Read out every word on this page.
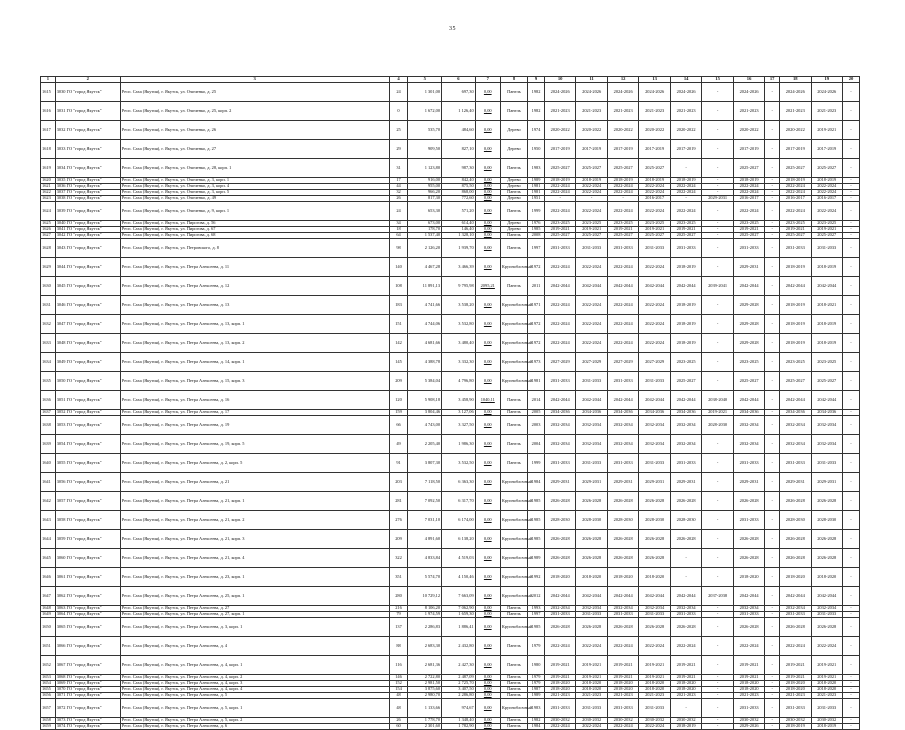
35
1	2	3	4	5	6	7	8	9	10	11	12	13	14	15	16	17	18	19	20
1615	3030 ГО "город Якутск"	Респ. Саха (Якутия), г. Якутск, ул. Очиченко, д. 25	24	1 301,00	697,30	0,00	Панель	1982	2024-2026	2024-2026	2024-2026	2024-2026	2024-2026	-	2024-2026	-	2024-2026	2024-2026	-
1616	3031 ГО "город Якутск"	Респ. Саха (Якутия), г. Якутск, ул. Очиченко, д. 25, корп. 2	0	1 672,00	1 126,40	0,00	Панель	1982	2021-2023	2021-2023	2021-2023	2021-2023	2021-2023	-	2021-2023	-	2021-2023	2021-2023	-
1617	3032 ГО "город Якутск"	Респ. Саха (Якутия), г. Якутск, ул. Очиченко, д. 26	25	535,70	484,60	0,00	Дерево	1974	2020-2022	2020-2022	2020-2022	2020-2022	2020-2022	-	2020-2022	-	2020-2022	2019-2021	-
1618	3033 ГО "город Якутск"	Респ. Саха (Якутия), г. Якутск, ул. Очиченко, д. 27	29	909,50	827,10	0,00	Дерево	1950	2017-2019	2017-2019	2017-2019	2017-2019	2017-2019	-	2017-2019	-	2017-2019	2017-2019	-
1619	3034 ГО "город Якутск"	Респ. Саха (Якутия), г. Якутск, ул. Очиченко, д. 28, корп. 1	31	1 123,80	987,30	0,00	Панель	1983	2025-2027	2025-2027	2025-2027	2025-2027	-	-	2025-2027	-	2025-2027	2025-2027	-
1620	3035 ГО "город Якутск"	Респ. Саха (Якутия), г. Якутск, ул. Очиченко, д. 3, корп. 1	17	916,00	842,40	0,00	Дерево	1989	2018-2019	2018-2019	2018-2019	2018-2019	2018-2019	-	2018-2019	-	2018-2019	2018-2019	-
1621	3036 ГО "город Якутск"	Респ. Саха (Якутия), г. Якутск, ул. Очиченко, д. 3, корп. 4	44	955,00	875,50	0,00	Дерево	1981	2022-2024	2022-2024	2022-2024	2022-2024	2022-2024	-	2022-2024	-	2022-2024	2022-2024	-
1622	3037 ГО "город Якутск"	Респ. Саха (Якутия), г. Якутск, ул. Очиченко, д. 3, корп. 5	32	966,20	868,00	0,00	Панель	1981	2022-2024	2022-2024	2022-2024	2022-2024	2022-2024	-	2022-2024	-	2022-2024	2022-2024	-
1623	3038 ГО "город Якутск"	Респ. Саха (Якутия), г. Якутск, ул. Очиченко, д. 49	26	817,30	772,60	0,00	Дерево	1951	-	-	-	2016-2017	-	2029-2031	2016-2017	-	2016-2017	2016-2017	-
1624	3039 ГО "город Якутск"	Респ. Саха (Якутия), г. Якутск, ул. Очиченко, д. 9, корп. 1	24	653,30	571,20	0,00	Панель	1999	2022-2024	2022-2024	2022-2024	2022-2024	2022-2024	-	2022-2024	-	2022-2024	2022-2024	-
1625	3040 ГО "город Якутск"	Респ. Саха (Якутия), г. Якутск, ул. Пирогова, д. 56	34	673,00	614,40	0,00	Дерево	1976	2023-2025	2023-2025	2023-2025	2023-2025	2023-2025	-	2023-2025	-	2023-2025	2023-2025	-
1626	3041 ГО "город Якутск"	Респ. Саха (Якутия), г. Якутск, ул. Пирогова, д. 67	18	178,70	146,40	0,00	Дерево	1985	2019-2021	2019-2021	2019-2021	2019-2021	2019-2021	-	2019-2021	-	2019-2021	2019-2021	-
1627	3042 ГО "город Якутск"	Респ. Саха (Якутия), г. Якутск, ул. Пирогова, д. 68	64	1 537,40	1 328,10	0,00	Панель	2008	2025-2027	2025-2027	2025-2027	2025-2027	2025-2027	-	2025-2027	-	2025-2027	2025-2027	-
1628	3043 ГО "город Якутск"	Респ. Саха (Якутия), г. Якутск, ул. Петровского, д. 8	98	2 126,20	1 939,70	0,00	Панель	1997	2031-2033	2031-2033	2031-2033	2031-2033	2031-2033	-	2031-2033	-	2031-2033	2031-2033	-
1629	3044 ГО "город Якутск"	Респ. Саха (Якутия), г. Якутск, ул. Петра Алексеева, д. 11	140	4 467,28	3 466,39	0,00	Крупноблочный	1972	2022-2024	2022-2024	2022-2024	2022-2024	2018-2019	-	2029-2031	-	2018-2019	2018-2019	-
1630	3045 ГО "город Якутск"	Респ. Саха (Якутия), г. Якутск, ул. Петра Алексеева, д. 12	108	11 891,13	9 795,98	2095,21	Панель	2011	2042-2044	2042-2044	2042-2044	2042-2044	2042-2044	2039-2041	2042-2044	-	2042-2044	2042-2044	-
1631	3046 ГО "город Якутск"	Респ. Саха (Якутия), г. Якутск, ул. Петра Алексеева, д. 13	183	4 741,66	3 538,20	0,00	Крупноблочный	1971	2022-2024	2022-2024	2022-2024	2022-2024	2018-2019	-	2029-2028	-	2018-2019	2018-2021	-
1632	3047 ГО "город Якутск"	Респ. Саха (Якутия), г. Якутск, ул. Петра Алексеева, д. 13, корп. 1	151	4 744,06	3 532,80	0,00	Крупноблочный	1972	2022-2024	2022-2024	2022-2024	2022-2024	2018-2019	-	2029-2028	-	2018-2019	2018-2019	-
1633	3048 ГО "город Якутск"	Респ. Саха (Якутия), г. Якутск, ул. Петра Алексеева, д. 13, корп. 2	142	4 681,66	3 480,40	0,00	Крупноблочный	1972	2022-2024	2022-2024	2022-2024	2022-2024	2018-2019	-	2029-2028	-	2018-2019	2018-2019	-
1634	3049 ГО "город Якутск"	Респ. Саха (Якутия), г. Якутск, ул. Петра Алексеева, д. 14, корп. 1	145	4 388,78	3 332,30	0,00	Крупноблочный	1973	2027-2029	2027-2029	2027-2029	2027-2029	2023-2025	-	2023-2025	-	2023-2025	2023-2025	-
1635	3050 ГО "город Якутск"	Респ. Саха (Якутия), г. Якутск, ул. Петра Алексеева, д. 15, корп. 3	209	5 384,04	4 796,80	0,00	Крупноблочный	1981	2031-2033	2031-2033	2031-2033	2031-2033	2025-2027	-	2025-2027	-	2025-2027	2025-2027	-
1636	3051 ГО "город Якутск"	Респ. Саха (Якутия), г. Якутск, ул. Петра Алексеева, д. 16	120	5 908,18	3 458,90	1040,11	Панель	2014	2042-2044	2042-2044	2042-2044	2042-2044	2042-2044	2038-2040	2042-2044	-	2042-2044	2042-2044	-
1637	3052 ГО "город Якутск"	Респ. Саха (Якутия), г. Якутск, ул. Петра Алексеева, д. 17	159	3 804,46	3 127,06	0,00	Панель	2005	2034-2036	2034-2036	2034-2036	2034-2036	2034-2036	2019-2021	2034-2036	-	2034-2036	2034-2036	-
1638	3053 ГО "город Якутск"	Респ. Саха (Якутия), г. Якутск, ул. Петра Алексеева, д. 19	66	4 743,00	3 327,50	0,00	Панель	2003	2032-2034	2032-2034	2032-2034	2032-2034	2032-2034	2028-2030	2032-2034	-	2032-2034	2032-2034	-
1639	3054 ГО "город Якутск"	Респ. Саха (Якутия), г. Якутск, ул. Петра Алексеева, д. 19, корп. 5	49	2 205,40	1 986,30	0,00	Панель	2004	2032-2034	2032-2034	2032-2034	2032-2034	2032-2034	-	2032-2034	-	2032-2034	2032-2034	-
1640	3055 ГО "город Якутск"	Респ. Саха (Якутия), г. Якутск, ул. Петра Алексеева, д. 2, корп. 5	91	3 807,30	3 532,50	0,00	Панель	1999	2031-2033	2031-2033	2031-2033	2031-2033	2031-2033	-	2031-2033	-	2031-2033	2031-2033	-
1641	3056 ГО "город Якутск"	Респ. Саха (Якутия), г. Якутск, ул. Петра Алексеева, д. 21	203	7 118,50	6 363,30	0,00	Крупноблочный	1984	2029-2031	2029-2031	2029-2031	2029-2031	2029-2031	-	2029-2031	-	2029-2031	2029-2031	-
1642	3057 ГО "город Якутск"	Респ. Саха (Якутия), г. Якутск, ул. Петра Алексеева, д. 21, корп. 1	281	7 092,50	6 317,70	0,00	Крупноблочный	1985	2026-2028	2026-2028	2026-2028	2026-2028	2026-2028	-	2026-2028	-	2026-2028	2026-2028	-
1643	3058 ГО "город Якутск"	Респ. Саха (Якутия), г. Якутск, ул. Петра Алексеева, д. 21, корп. 2	276	7 031,10	6 174,00	0,00	Крупноблочный	1985	2028-2030	2028-2030	2028-2030	2028-2030	2028-2030	-	2031-2033	-	2028-2030	2028-2030	-
1644	3059 ГО "город Якутск"	Респ. Саха (Якутия), г. Якутск, ул. Петра Алексеева, д. 21, корп. 3	209	4 891,60	6 138,20	0,00	Крупноблочный	1985	2026-2028	2026-2028	2026-2028	2026-2028	2026-2028	-	2026-2028	-	2026-2028	2026-2028	-
1645	3060 ГО "город Якутск"	Респ. Саха (Якутия), г. Якутск, ул. Петра Алексеева, д. 21, корп. 4	322	4 833,84	4 519,03	0,00	Крупноблочный	1989	2026-2028	2026-2028	2026-2028	2026-2028	-	-	2026-2028	-	2026-2028	2026-2028	-
1646	3061 ГО "город Якутск"	Респ. Саха (Якутия), г. Якутск, ул. Петра Алексеева, д. 23, корп. 1	351	5 574,70	4 150,46	0,00	Крупноблочный	1992	2018-2020	2018-2020	2018-2020	2018-2020	-	-	2018-2020	-	2018-2020	2018-2020	-
1647	3062 ГО "город Якутск"	Респ. Саха (Якутия), г. Якутск, ул. Петра Алексеева, д. 25, корп. 1	280	10 729,12	7 663,09	0,00	Крупноблочный	2012	2042-2044	2042-2044	2042-2044	2042-2044	2042-2044	2037-2038	2042-2044	-	2042-2044	2042-2044	-
1648	3063 ГО "город Якутск"	Респ. Саха (Якутия), г. Якутск, ул. Петра Алексеева, д. 27	216	8 106,20	7 062,90	0,00	Панель	1993	2032-2034	2032-2034	2032-2034	2032-2034	2032-2034	-	2032-2034	-	2032-2034	2032-2034	-
1649	3064 ГО "город Якутск"	Респ. Саха (Якутия), г. Якутск, ул. Петра Алексеева, д. 27, корп. 1	79	1 974,59	1 659,30	0,00	Панель	1997	2031-2033	2031-2033	2031-2033	2031-2033	2031-2033	-	2031-2033	-	2031-2033	2031-2033	-
1650	3065 ГО "город Якутск"	Респ. Саха (Якутия), г. Якутск, ул. Петра Алексеева, д. 3, корп. 1	137	2 286,83	1 886,41	0,00	Крупноблочный	1985	2026-2028	2026-2028	2026-2028	2026-2028	2026-2028	-	2026-2028	-	2026-2028	2026-2028	-
1651	3066 ГО "город Якутск"	Респ. Саха (Якутия), г. Якутск, ул. Петра Алексеева, д. 4	88	2 683,30	2 432,80	0,00	Панель	1979	2022-2024	2022-2024	2022-2024	2022-2024	2022-2024	-	2022-2024	-	2022-2024	2022-2024	-
1652	3067 ГО "город Якутск"	Респ. Саха (Якутия), г. Якутск, ул. Петра Алексеева, д. 4, корп. 1	116	2 681,36	2 427,30	0,00	Панель	1980	2019-2021	2019-2021	2019-2021	2019-2021	2019-2021	-	2019-2021	-	2019-2021	2019-2021	-
1653	3068 ГО "город Якутск"	Респ. Саха (Якутия), г. Якутск, ул. Петра Алексеева, д. 4, корп. 2	146	2 722,80	2 487,09	0,00	Панель	1979	2019-2021	2019-2021	2019-2021	2019-2021	2019-2021	-	2019-2021	-	2019-2021	2019-2021	-
1654	3069 ГО "город Якутск"	Респ. Саха (Якутия), г. Якутск, ул. Петра Алексеева, д. 4, корп. 3	152	2 981,50	2 725,70	0,00	Панель	1979	2018-2020	2018-2020	2018-2020	2018-2020	2018-2020	-	2018-2020	-	2018-2020	2018-2020	-
1655	3070 ГО "город Якутск"	Респ. Саха (Якутия), г. Якутск, ул. Петра Алексеева, д. 4, корп. 4	154	3 875,60	3 407,50	0,00	Панель	1987	2018-2020	2018-2020	2018-2020	2018-2020	2018-2020	-	2018-2020	-	2018-2020	2018-2020	-
1656	3071 ГО "город Якутск"	Респ. Саха (Якутия), г. Якутск, ул. Петра Алексеева, д. 5	48	2 980,70	2 286,80	0,00	Панель	1989	2021-2023	2021-2023	2021-2023	2021-2023	2021-2023	-	2021-2023	-	2021-2023	2021-2023	-
1657	3072 ГО "город Якутск"	Респ. Саха (Якутия), г. Якутск, ул. Петра Алексеева, д. 5, корп. 1	48	1 133,66	974,67	0,00	Крупноблочный	1983	2031-2033	2031-2033	2031-2033	2031-2033	-	-	2031-2033	-	2031-2033	2031-2033	-
1658	3073 ГО "город Якутск"	Респ. Саха (Якутия), г. Якутск, ул. Петра Алексеева, д. 5, корп. 2	26	1 778,70	1 348,40	0,00	Панель	1982	2030-2032	2030-2032	2030-2032	2030-2032	2030-2032	-	2030-2032	-	2030-2032	2030-2032	-
1659	3074 ГО "город Якутск"	Респ. Саха (Якутия), г. Якутск, ул. Петра Алексеева, д. 6	60	2 301,60	1 782,90	0,00	Панель	1984	2022-2024	2022-2024	2022-2024	2022-2024	2018-2019	-	2029-2026	-	2018-2019	2018-2019	-
